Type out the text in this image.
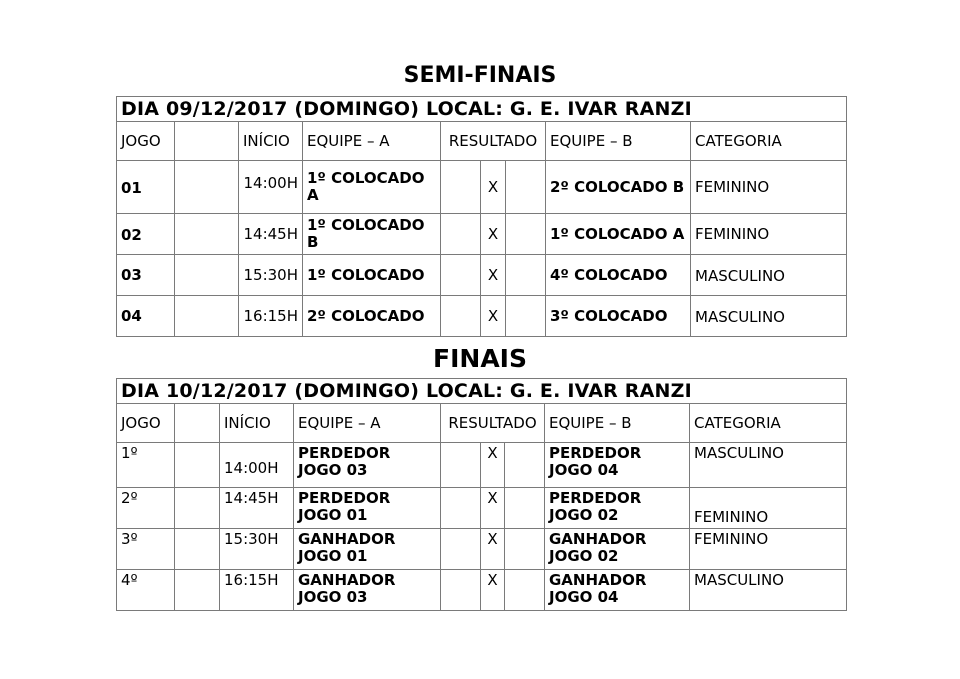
SEMI-FINAIS
DIA 09/12/2017 (DOMINGO) LOCAL: G. E. IVAR RANZI								
JOGO		INÍCIO	EQUIPE – A	RESULTADO			EQUIPE – B	CATEGORIA
01		14:00H	1º COLOCADO A		X		2º COLOCADO B	FEMININO
02		14:45H	1º COLOCADO B		X		1º COLOCADO A	FEMININO
03		15:30H	1º COLOCADO		X		4º COLOCADO	MASCULINO
04		16:15H	2º COLOCADO		X		3º COLOCADO	MASCULINO
FINAIS
DIA 10/12/2017 (DOMINGO) LOCAL: G. E. IVAR RANZI								
JOGO		INÍCIO	EQUIPE – A	RESULTADO			EQUIPE – B	CATEGORIA
1º		14:00H	PERDEDOR JOGO 03		X		PERDEDOR JOGO 04	MASCULINO
2º		14:45H	PERDEDOR JOGO 01		X		PERDEDOR JOGO 02	FEMININO
3º		15:30H	GANHADOR JOGO 01		X		GANHADOR JOGO 02	FEMININO
4º		16:15H	GANHADOR JOGO 03		X		GANHADOR JOGO 04	MASCULINO
